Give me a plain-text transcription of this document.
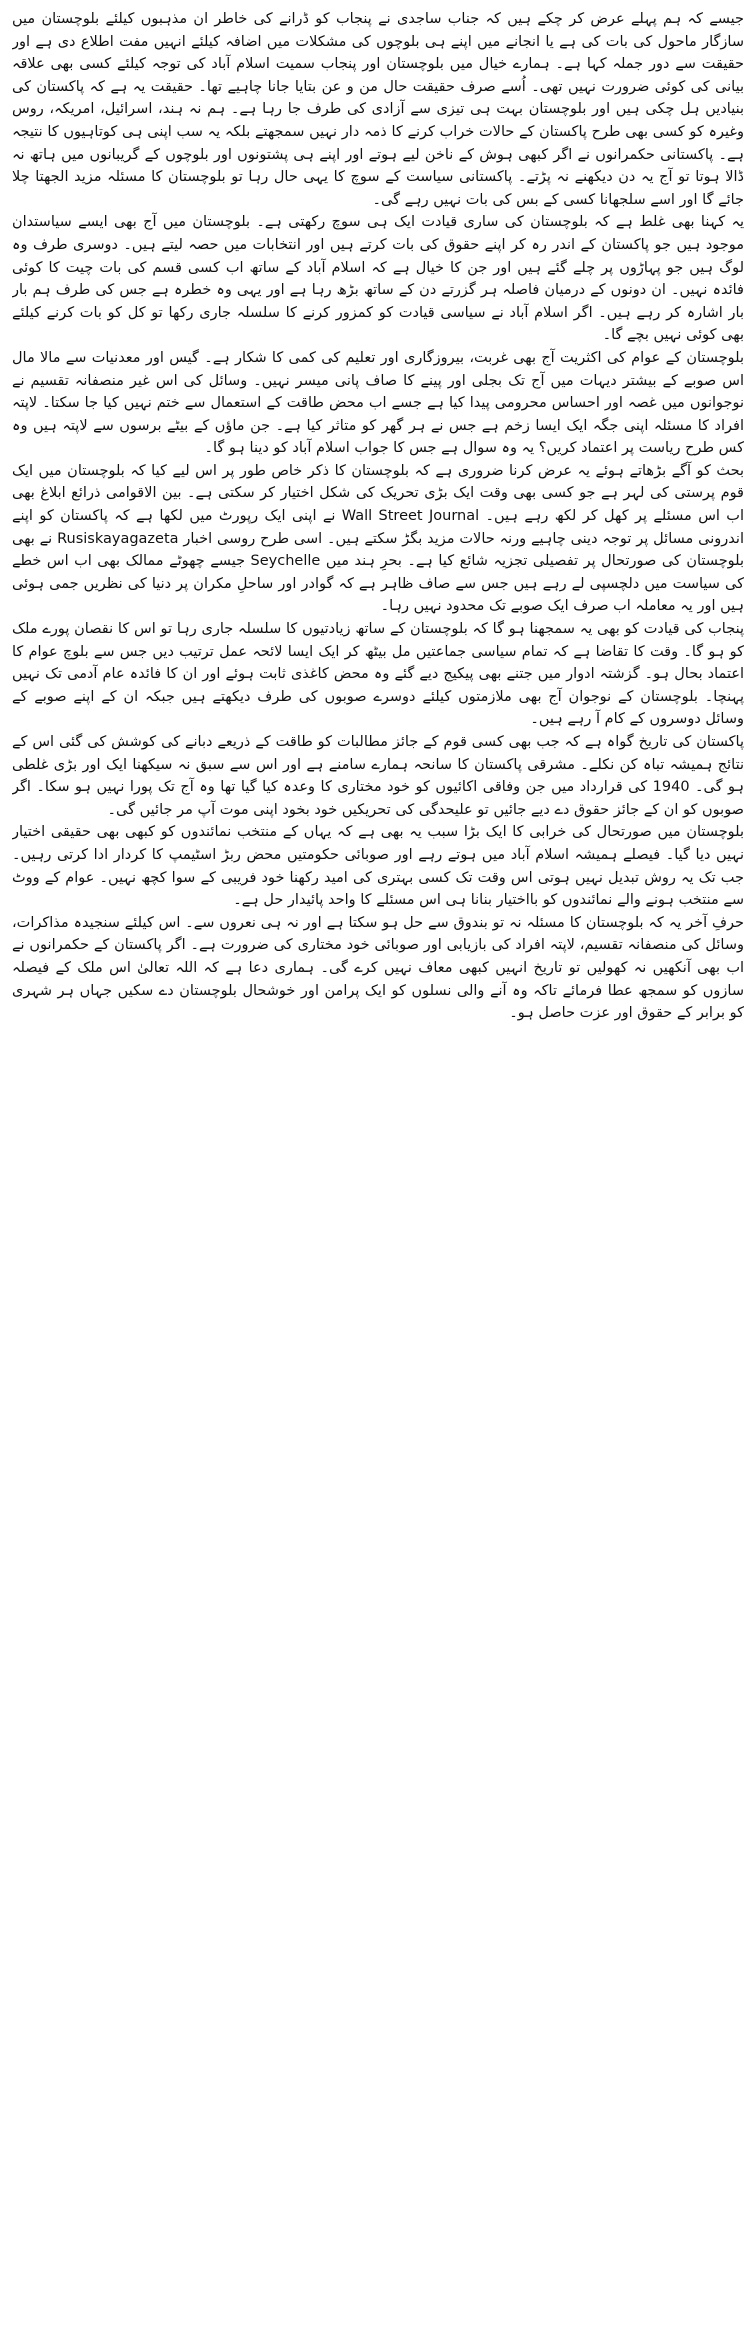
جیسے کہ ہم پہلے عرض کر چکے ہیں کہ جناب ساجدی نے پنجاب کو ڈرانے کی خاطر ان مذہبوں کیلئے بلوچستان میں سازگار ماحول کی بات کی ہے یا انجانے میں اپنے ہی بلوچوں کی مشکلات میں اضافہ کیلئے انہیں مفت اطلاع دی ہے اور حقیقت سے دور جملہ کہا ہے۔ ہمارے خیال میں بلوچستان اور پنجاب سمیت اسلام آباد کی توجہ کیلئے کسی بھی علاقہ بیانی کی کوئی ضرورت نہیں تھی۔ اُسے صرف حقیقت حال من و عن بتایا جانا چاہیے تھا۔ حقیقت یہ ہے کہ پاکستان کی بنیادیں ہل چکی ہیں اور بلوچستان بہت ہی تیزی سے آزادی کی طرف جا رہا ہے۔ ہم نہ ہند، اسرائیل، امریکہ، روس وغیرہ کو کسی بھی طرح پاکستان کے حالات خراب کرنے کا ذمہ دار نہیں سمجھتے بلکہ یہ سب اپنی ہی کوتاہیوں کا نتیجہ ہے۔ پاکستانی حکمرانوں نے اگر کبھی ہوش کے ناخن لیے ہوتے اور اپنے ہی پشتونوں اور بلوچوں کے گریبانوں میں ہاتھ نہ ڈالا ہوتا تو آج یہ دن دیکھنے نہ پڑتے۔ پاکستانی سیاست کے سوچ کا یہی حال رہا تو بلوچستان کا مسئلہ مزید الجھتا چلا جائے گا اور اسے سلجھانا کسی کے بس کی بات نہیں رہے گی۔

یہ کہنا بھی غلط ہے کہ بلوچستان کی ساری قیادت ایک ہی سوچ رکھتی ہے۔ بلوچستان میں آج بھی ایسے سیاستدان موجود ہیں جو پاکستان کے اندر رہ کر اپنے حقوق کی بات کرتے ہیں اور انتخابات میں حصہ لیتے ہیں۔ دوسری طرف وہ لوگ ہیں جو پہاڑوں پر چلے گئے ہیں اور جن کا خیال ہے کہ اسلام آباد کے ساتھ اب کسی قسم کی بات چیت کا کوئی فائدہ نہیں۔ ان دونوں کے درمیان فاصلہ ہر گزرتے دن کے ساتھ بڑھ رہا ہے اور یہی وہ خطرہ ہے جس کی طرف ہم بار بار اشارہ کر رہے ہیں۔ اگر اسلام آباد نے سیاسی قیادت کو کمزور کرنے کا سلسلہ جاری رکھا تو کل کو بات کرنے کیلئے بھی کوئی نہیں بچے گا۔

بلوچستان کے عوام کی اکثریت آج بھی غربت، بیروزگاری اور تعلیم کی کمی کا شکار ہے۔ گیس اور معدنیات سے مالا مال اس صوبے کے بیشتر دیہات میں آج تک بجلی اور پینے کا صاف پانی میسر نہیں۔ وسائل کی اس غیر منصفانہ تقسیم نے نوجوانوں میں غصہ اور احساس محرومی پیدا کیا ہے جسے اب محض طاقت کے استعمال سے ختم نہیں کیا جا سکتا۔ لاپتہ افراد کا مسئلہ اپنی جگہ ایک ایسا زخم ہے جس نے ہر گھر کو متاثر کیا ہے۔ جن ماؤں کے بیٹے برسوں سے لاپتہ ہیں وہ کس طرح ریاست پر اعتماد کریں؟ یہ وہ سوال ہے جس کا جواب اسلام آباد کو دینا ہو گا۔

بحث کو آگے بڑھاتے ہوئے یہ عرض کرنا ضروری ہے کہ بلوچستان کا ذکر خاص طور پر اس لیے کیا کہ بلوچستان میں ایک قوم پرستی کی لہر ہے جو کسی بھی وقت ایک بڑی تحریک کی شکل اختیار کر سکتی ہے۔ بین الاقوامی ذرائع ابلاغ بھی اب اس مسئلے پر کھل کر لکھ رہے ہیں۔ Wall Street Journal نے اپنی ایک رپورٹ میں لکھا ہے کہ پاکستان کو اپنے اندرونی مسائل پر توجہ دینی چاہیے ورنہ حالات مزید بگڑ سکتے ہیں۔ اسی طرح روسی اخبار Rusiskayagazeta نے بھی بلوچستان کی صورتحال پر تفصیلی تجزیہ شائع کیا ہے۔ بحرِ ہند میں Seychelle جیسے چھوٹے ممالک بھی اب اس خطے کی سیاست میں دلچسپی لے رہے ہیں جس سے صاف ظاہر ہے کہ گوادر اور ساحلِ مکران پر دنیا کی نظریں جمی ہوئی ہیں اور یہ معاملہ اب صرف ایک صوبے تک محدود نہیں رہا۔

پنجاب کی قیادت کو بھی یہ سمجھنا ہو گا کہ بلوچستان کے ساتھ زیادتیوں کا سلسلہ جاری رہا تو اس کا نقصان پورے ملک کو ہو گا۔ وقت کا تقاضا ہے کہ تمام سیاسی جماعتیں مل بیٹھ کر ایک ایسا لائحہ عمل ترتیب دیں جس سے بلوچ عوام کا اعتماد بحال ہو۔ گزشتہ ادوار میں جتنے بھی پیکیج دیے گئے وہ محض کاغذی ثابت ہوئے اور ان کا فائدہ عام آدمی تک نہیں پہنچا۔ بلوچستان کے نوجوان آج بھی ملازمتوں کیلئے دوسرے صوبوں کی طرف دیکھتے ہیں جبکہ ان کے اپنے صوبے کے وسائل دوسروں کے کام آ رہے ہیں۔

پاکستان کی تاریخ گواہ ہے کہ جب بھی کسی قوم کے جائز مطالبات کو طاقت کے ذریعے دبانے کی کوشش کی گئی اس کے نتائج ہمیشہ تباہ کن نکلے۔ مشرقی پاکستان کا سانحہ ہمارے سامنے ہے اور اس سے سبق نہ سیکھنا ایک اور بڑی غلطی ہو گی۔ 1940 کی قرارداد میں جن وفاقی اکائیوں کو خود مختاری کا وعدہ کیا گیا تھا وہ آج تک پورا نہیں ہو سکا۔ اگر صوبوں کو ان کے جائز حقوق دے دیے جائیں تو علیحدگی کی تحریکیں خود بخود اپنی موت آپ مر جائیں گی۔

بلوچستان میں صورتحال کی خرابی کا ایک بڑا سبب یہ بھی ہے کہ یہاں کے منتخب نمائندوں کو کبھی بھی حقیقی اختیار نہیں دیا گیا۔ فیصلے ہمیشہ اسلام آباد میں ہوتے رہے اور صوبائی حکومتیں محض ربڑ اسٹیمپ کا کردار ادا کرتی رہیں۔ جب تک یہ روش تبدیل نہیں ہوتی اس وقت تک کسی بہتری کی امید رکھنا خود فریبی کے سوا کچھ نہیں۔ عوام کے ووٹ سے منتخب ہونے والے نمائندوں کو بااختیار بنانا ہی اس مسئلے کا واحد پائیدار حل ہے۔

حرفِ آخر یہ کہ بلوچستان کا مسئلہ نہ تو بندوق سے حل ہو سکتا ہے اور نہ ہی نعروں سے۔ اس کیلئے سنجیدہ مذاکرات، وسائل کی منصفانہ تقسیم، لاپتہ افراد کی بازیابی اور صوبائی خود مختاری کی ضرورت ہے۔ اگر پاکستان کے حکمرانوں نے اب بھی آنکھیں نہ کھولیں تو تاریخ انہیں کبھی معاف نہیں کرے گی۔ ہماری دعا ہے کہ اللہ تعالیٰ اس ملک کے فیصلہ سازوں کو سمجھ عطا فرمائے تاکہ وہ آنے والی نسلوں کو ایک پرامن اور خوشحال بلوچستان دے سکیں جہاں ہر شہری کو برابر کے حقوق اور عزت حاصل ہو۔
